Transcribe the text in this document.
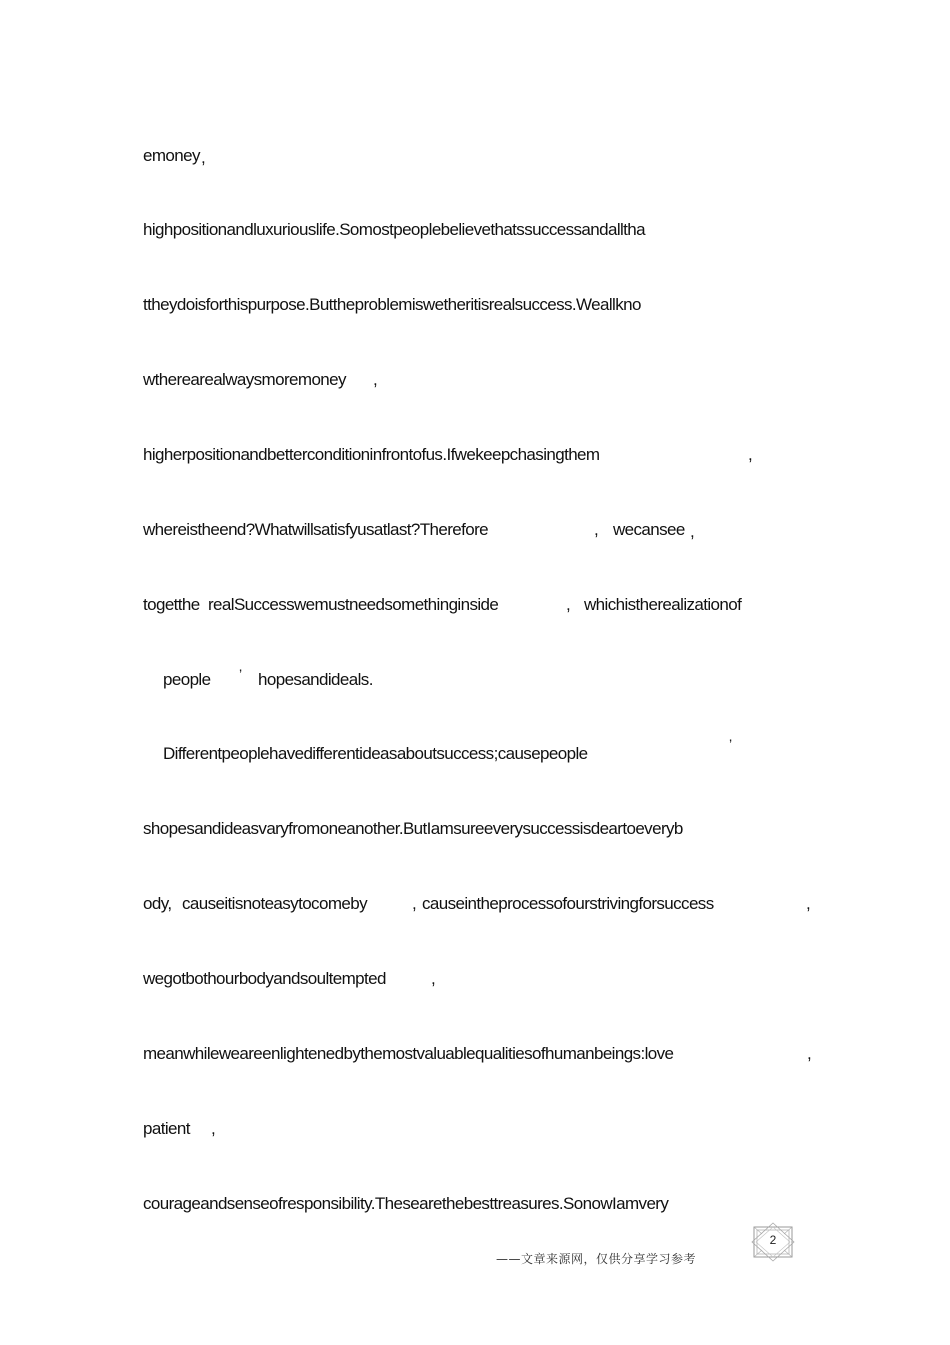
emoney ,
highpositionandluxuriouslife.Somostpeoplebelievethatssuccessandalltha
ttheydoisforthispurpose.Buttheproblemiswetheritisrealsuccess.Weallkno
wtherearealwaysmoremoney ,
higherpositionandbetterconditioninfrontofus.Ifwekeepchasingthem	,
whereistheend?Whatwillsatisfyusatlast?Therefore	, wecansee ,
togetthe realSuccesswemustneedsomethinginside	, whichistherealizationof
people ’ hopesandideals.
Differentpeoplehavedifferentideasaboutsuccess;causepeople	’
shopesandideasvaryfromoneanother.ButIamsureeverysuccessisdeartoeveryb
ody, causeitisnoteasytocomeby	, causeintheprocessofourstrivingforsuccess	,
wegotbothourbodyandsoultempted	,
meanwhileweareenlightenedbythemostvaluablequalitiesofhumanbeings:love	,
patient ,
courageandsenseofresponsibility.Thesearethebesttreasures.SonowIamvery
——文章来源网，仅供分享学习参考
2
